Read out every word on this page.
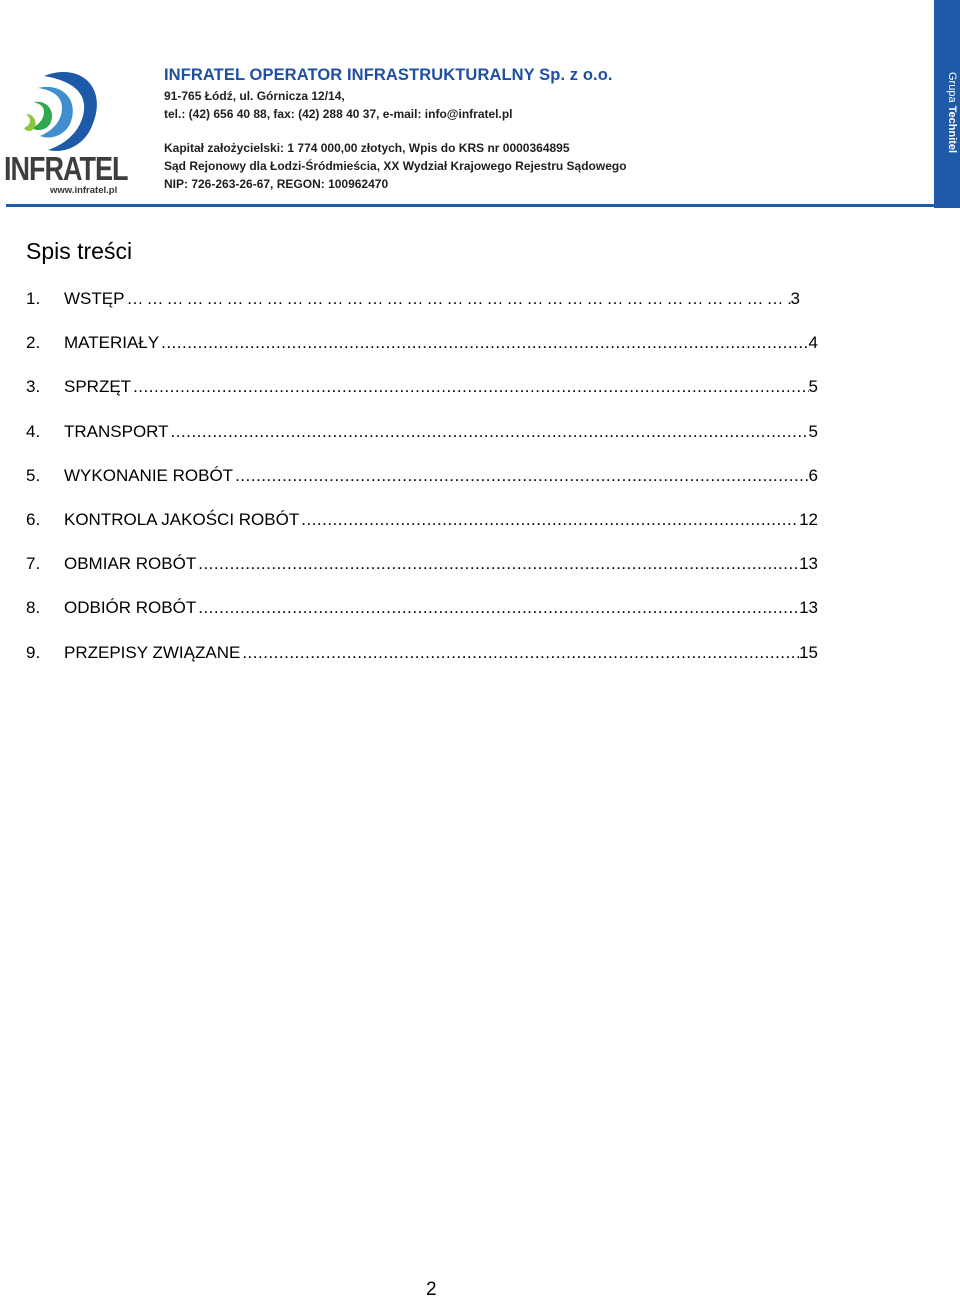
INFRATEL
www.infratel.pl
INFRATEL OPERATOR INFRASTRUKTURALNY Sp. z o.o.
91-765 Łódź, ul. Górnicza 12/14,
tel.: (42) 656 40 88, fax: (42) 288 40 37, e-mail: info@infratel.pl
Kapitał założycielski: 1 774 000,00 złotych, Wpis do KRS nr 0000364895
Sąd Rejonowy dla Łodzi-Śródmieścia, XX Wydział Krajowego Rejestru Sądowego
NIP: 726-263-26-67, REGON: 100962470
Grupa Technitel
Spis treści
1.	WSTĘP …………………………………………………………………………………………………………………………	3
2.	MATERIAŁY .....	4
3.	SPRZĘT .....	5
4.	TRANSPORT .....	5
5.	WYKONANIE ROBÓT .....	6
6.	KONTROLA JAKOŚCI ROBÓT .....	12
7.	OBMIAR ROBÓT .....	13
8.	ODBIÓR ROBÓT .....	13
9.	PRZEPISY ZWIĄZANE .....	15
2
